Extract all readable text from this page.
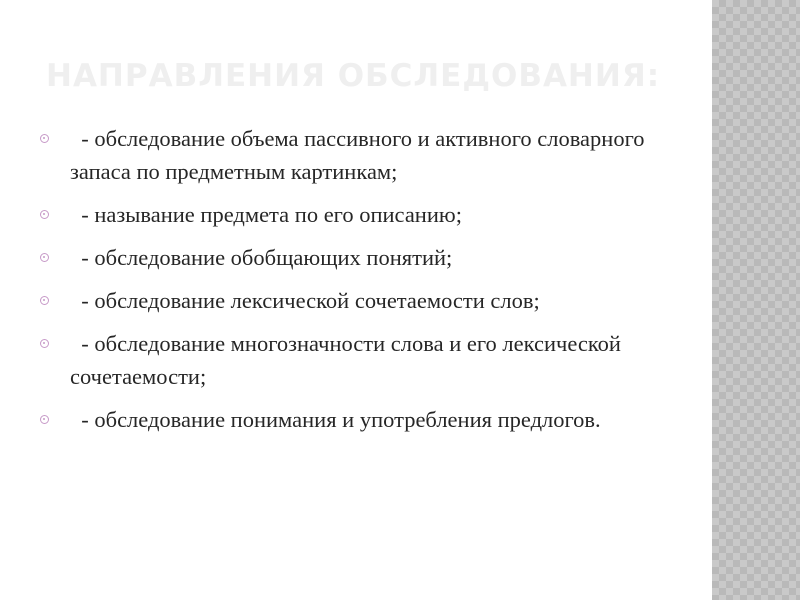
НАПРАВЛЕНИЯ ОБСЛЕДОВАНИЯ:
- обследование объема пассивного и активного словарного запаса по предметным картинкам;
- называние предмета по его описанию;
- обследование обобщающих понятий;
- обследование лексической сочетаемости слов;
- обследование многозначности слова и его лексической сочетаемости;
- обследование понимания и употребления предлогов.
